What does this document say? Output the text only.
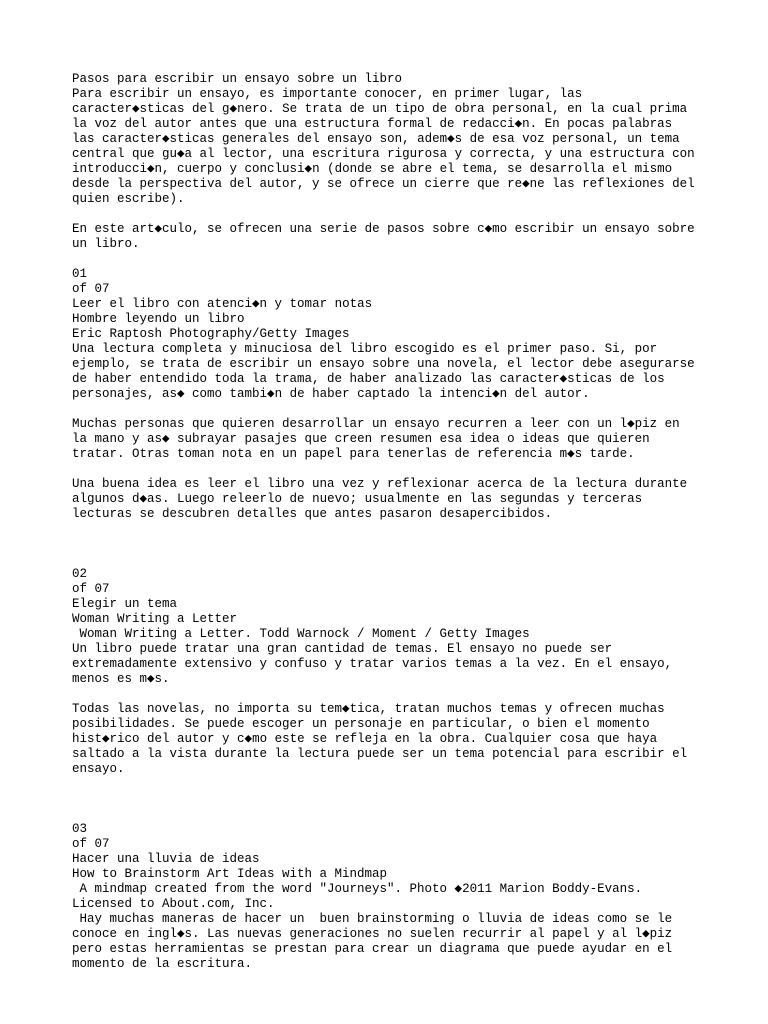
Pasos para escribir un ensayo sobre un libro
Para escribir un ensayo, es importante conocer, en primer lugar, las
caracter◆sticas del g◆nero. Se trata de un tipo de obra personal, en la cual prima
la voz del autor antes que una estructura formal de redacci◆n. En pocas palabras
las caracter◆sticas generales del ensayo son, adem◆s de esa voz personal, un tema
central que gu◆a al lector, una escritura rigurosa y correcta, y una estructura con
introducci◆n, cuerpo y conclusi◆n (donde se abre el tema, se desarrolla el mismo
desde la perspectiva del autor, y se ofrece un cierre que re◆ne las reflexiones del
quien escribe).
En este art◆culo, se ofrecen una serie de pasos sobre c◆mo escribir un ensayo sobre
un libro.
01
of 07
Leer el libro con atenci◆n y tomar notas
Hombre leyendo un libro
Eric Raptosh Photography/Getty Images
Una lectura completa y minuciosa del libro escogido es el primer paso. Si, por
ejemplo, se trata de escribir un ensayo sobre una novela, el lector debe asegurarse
de haber entendido toda la trama, de haber analizado las caracter◆sticas de los
personajes, as◆ como tambi◆n de haber captado la intenci◆n del autor.
Muchas personas que quieren desarrollar un ensayo recurren a leer con un l◆piz en
la mano y as◆ subrayar pasajes que creen resumen esa idea o ideas que quieren
tratar. Otras toman nota en un papel para tenerlas de referencia m◆s tarde.
Una buena idea es leer el libro una vez y reflexionar acerca de la lectura durante
algunos d◆as. Luego releerlo de nuevo; usualmente en las segundas y terceras
lecturas se descubren detalles que antes pasaron desapercibidos.
02
of 07
Elegir un tema
Woman Writing a Letter
Woman Writing a Letter. Todd Warnock / Moment / Getty Images
Un libro puede tratar una gran cantidad de temas. El ensayo no puede ser
extremadamente extensivo y confuso y tratar varios temas a la vez. En el ensayo,
menos es m◆s.
Todas las novelas, no importa su tem◆tica, tratan muchos temas y ofrecen muchas
posibilidades. Se puede escoger un personaje en particular, o bien el momento
hist◆rico del autor y c◆mo este se refleja en la obra. Cualquier cosa que haya
saltado a la vista durante la lectura puede ser un tema potencial para escribir el
ensayo.
03
of 07
Hacer una lluvia de ideas
How to Brainstorm Art Ideas with a Mindmap
A mindmap created from the word "Journeys". Photo ◆2011 Marion Boddy-Evans.
Licensed to About.com, Inc.
Hay muchas maneras de hacer un  buen brainstorming o lluvia de ideas como se le
conoce en ingl◆s. Las nuevas generaciones no suelen recurrir al papel y al l◆piz
pero estas herramientas se prestan para crear un diagrama que puede ayudar en el
momento de la escritura.
